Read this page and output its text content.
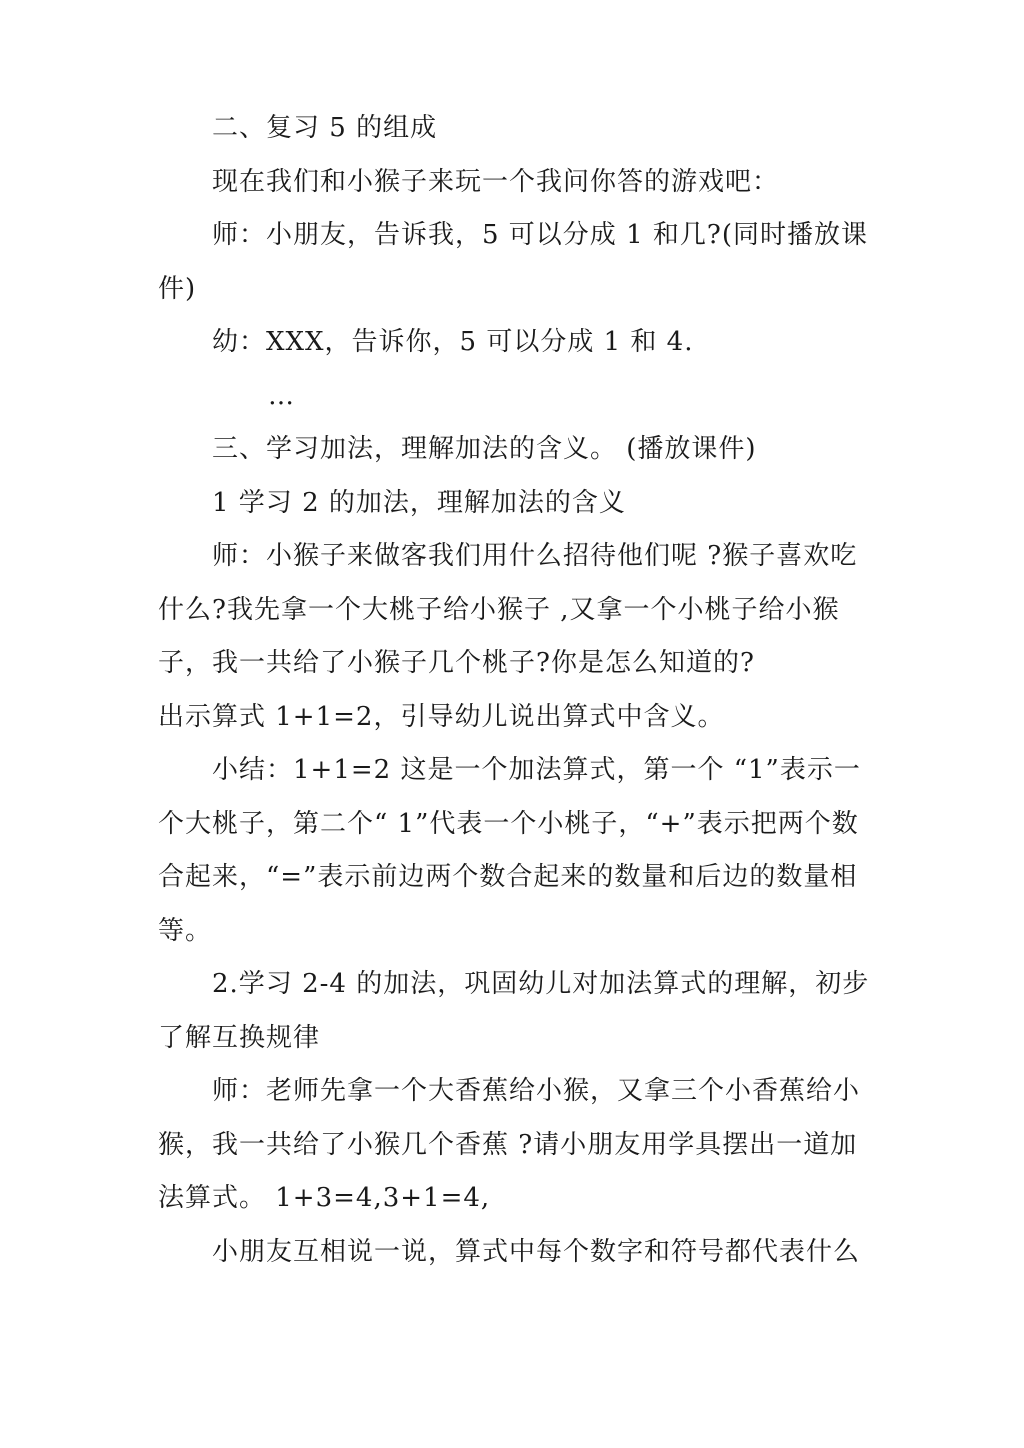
二、复习 5 的组成

现在我们和小猴子来玩一个我问你答的游戏吧：

师：小朋友，告诉我，5 可以分成 1 和几?(同时播放课件)

幼：XXX，告诉你，5 可以分成 1 和 4.

…

三、学习加法，理解加法的含义。 (播放课件)

1 学习 2 的加法，理解加法的含义

师：小猴子来做客我们用什么招待他们呢 ?猴子喜欢吃什么?我先拿一个大桃子给小猴子 ,又拿一个小桃子给小猴子，我一共给了小猴子几个桃子?你是怎么知道的?

出示算式 1+1=2，引导幼儿说出算式中含义。

小结：1+1=2 这是一个加法算式，第一个 “1”表示一个大桃子，第二个“ 1”代表一个小桃子，“+”表示把两个数合起来，“=”表示前边两个数合起来的数量和后边的数量相等。

2.学习 2-4 的加法，巩固幼儿对加法算式的理解，初步了解互换规律

师：老师先拿一个大香蕉给小猴，又拿三个小香蕉给小猴，我一共给了小猴几个香蕉 ?请小朋友用学具摆出一道加法算式。 1+3=4,3+1=4,

小朋友互相说一说，算式中每个数字和符号都代表什么
